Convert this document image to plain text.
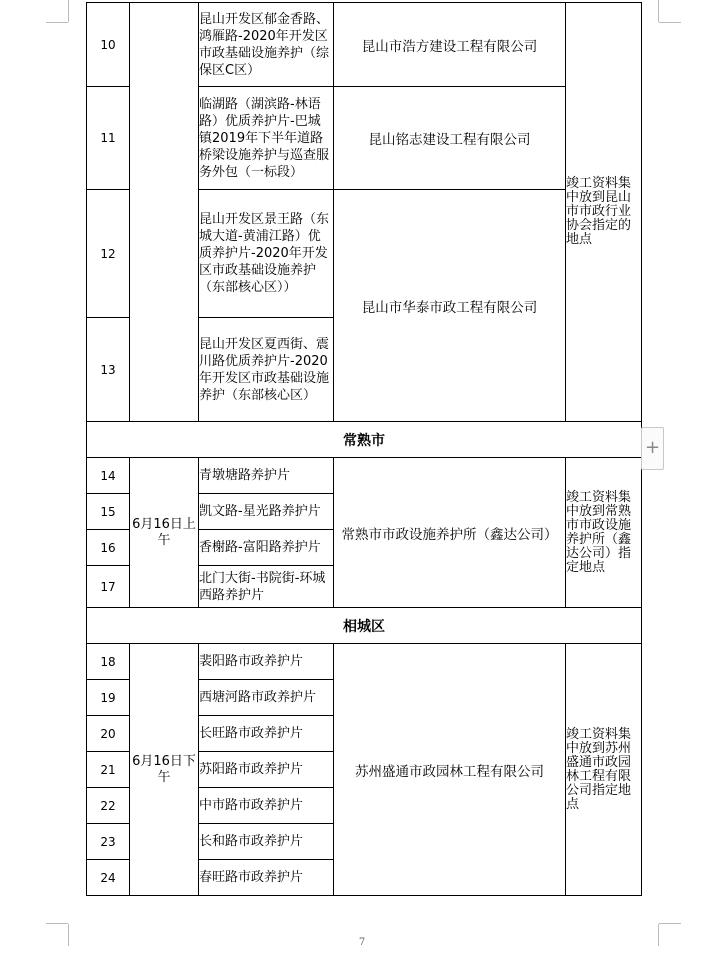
10		昆山开发区郁金香路、鸿雁路-2020年开发区市政基础设施养护（综保区C区）	昆山市浩方建设工程有限公司	竣工资料集中放到昆山市市政行业协会指定的地点
11		临湖路（湖滨路-林语路）优质养护片-巴城镇2019年下半年道路桥梁设施养护与巡查服务外包（一标段）	昆山铭志建设工程有限公司	
12		昆山开发区景王路（东城大道-黄浦江路）优质养护片-2020年开发区市政基础设施养护（东部核心区））	昆山市华泰市政工程有限公司	
13		昆山开发区夏西街、震川路优质养护片-2020年开发区市政基础设施养护（东部核心区）		
常熟市				
14	6月16日上午	青墩塘路养护片	常熟市市政设施养护所（鑫达公司）	竣工资料集中放到常熟市市政设施养护所（鑫达公司）指定地点
15		凯文路-星光路养护片		
16		香榭路-富阳路养护片		
17		北门大街-书院街-环城西路养护片		
相城区				
18	6月16日下午	裴阳路市政养护片	苏州盛通市政园林工程有限公司	竣工资料集中放到苏州盛通市政园林工程有限公司指定地点
19		西塘河路市政养护片		
20		长旺路市政养护片		
21		苏阳路市政养护片		
22		中市路市政养护片		
23		长和路市政养护片		
24		春旺路市政养护片		
+
7
